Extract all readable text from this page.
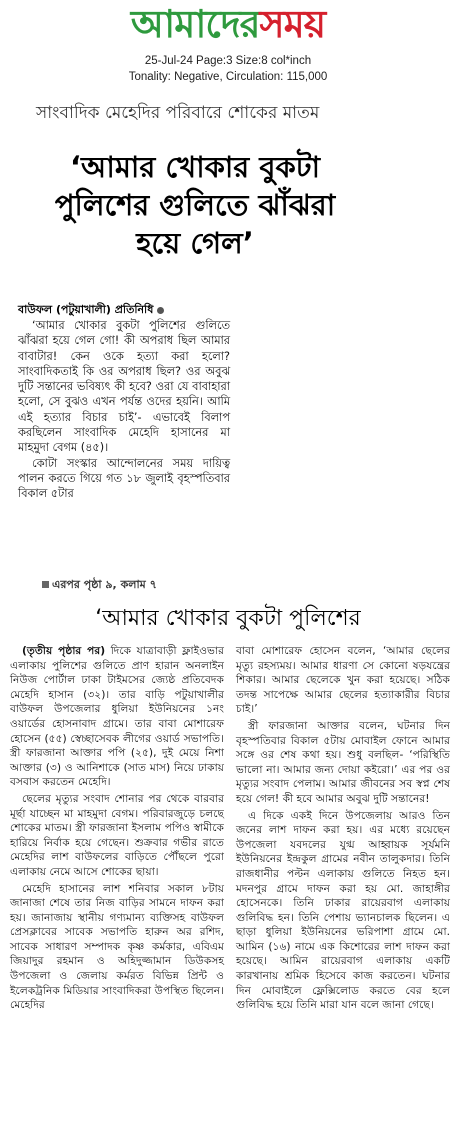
আমাদেরসময়
25-Jul-24 Page:3 Size:8 col*inch
Tonality: Negative, Circulation: 115,000
সাংবাদিক মেহেদির পরিবারে শোকের মাতম
‘আমার খোকার বুকটা পুলিশের গুলিতে ঝাঁঝরা হয়ে গেল’
বাউফল (পটুয়াখালী) প্রতিনিধি

‘আমার খোকার বুকটা পুলিশের গুলিতে ঝাঁঝরা হয়ে গেল গো! কী অপরাধ ছিল আমার বাবাটার! কেন ওকে হত্যা করা হলো? সাংবাদিকতাই কি ওর অপরাধ ছিল? ওর অবুঝ দুটি সন্তানের ভবিষ্যৎ কী হবে? ওরা যে বাবাহারা হলো, সে বুঝও এখন পর্যন্ত ওদের হয়নি। আমি এই হত্যার বিচার চাই’- এভাবেই বিলাপ করছিলেন সাংবাদিক মেহেদি হাসানের মা মাহমুদা বেগম (৪৫)।

কোটা সংস্কার আন্দোলনের সময় দায়িত্ব পালন করতে গিয়ে গত ১৮ জুলাই বৃহস্পতিবার বিকাল ৫টার

এরপর পৃষ্ঠা ৯, কলাম ৭
‘আমার খোকার বুকটা পুলিশের

(তৃতীয় পৃষ্ঠার পর) দিকে যাত্রাবাড়ী ফ্লাইওভার এলাকায় পুলিশের গুলিতে প্রাণ হারান অনলাইন নিউজ পোর্টাল ঢাকা টাইমসের জ্যেষ্ঠ প্রতিবেদক মেহেদি হাসান (৩২)। তার বাড়ি পটুয়াখালীর বাউফল উপজেলার ধুলিয়া ইউনিয়নের ১নং ওয়ার্ডের হোসনাবাদ গ্রামে। তার বাবা মোশারেফ হোসেন (৫৫) স্বেচ্ছাসেবক লীগের ওয়ার্ড সভাপতি। স্ত্রী ফারজানা আক্তার পপি (২৫), দুই মেয়ে নিশা আক্তার (৩) ও আনিশাকে (সাত মাস) নিয়ে ঢাকায় বসবাস করতেন মেহেদি।

ছেলের মৃত্যুর সংবাদ শোনার পর থেকে বারবার মূর্ছা যাচ্ছেন মা মাহমুদা বেগম। পরিবারজুড়ে চলছে শোকের মাতম। স্ত্রী ফারজানা ইসলাম পপিও স্বামীকে হারিয়ে নির্বাক হয়ে গেছেন। শুক্রবার গভীর রাতে মেহেদির লাশ বাউফলের বাড়িতে পৌঁছলে পুরো এলাকায় নেমে আসে শোকের ছায়া।

মেহেদি হাসানের লাশ শনিবার সকাল ৮টায় জানাজা শেষে তার নিজ বাড়ির সামনে দাফন করা হয়। জানাজায় স্থানীয় গণ্যমান্য ব্যক্তিসহ বাউফল প্রেসক্লাবের সাবেক সভাপতি হারুন অর রশিদ, সাবেক সাধারণ সম্পাদক কৃষ্ণ কর্মকার, এবিএম জিয়াদুর রহমান ও অহিদুজ্জামান ডিউকসহ উপজেলা ও জেলায় কর্মরত বিভিন্ন প্রিন্ট ও ইলেকট্রনিক মিডিয়ার সাংবাদিকরা উপস্থিত ছিলেন। মেহেদির

বাবা মোশারেফ হোসেন বলেন, ‘আমার ছেলের মৃত্যু রহস্যময়। আমার ধারণা সে কোনো ষড়যন্ত্রের শিকার। আমার ছেলেকে খুন করা হয়েছে। সঠিক তদন্ত সাপেক্ষে আমার ছেলের হত্যাকারীর বিচার চাই।’

স্ত্রী ফারজানা আক্তার বলেন, ঘটনার দিন বৃহস্পতিবার বিকাল ৫টায় মোবাইল ফোনে আমার সঙ্গে ওর শেষ কথা হয়। শুধু বলছিল- ‘পরিস্থিতি ভালো না। আমার জন্য দোয়া কইরো।’ এর পর ওর মৃত্যুর সংবাদ পেলাম। আমার জীবনের সব স্বপ্ন শেষ হয়ে গেল! কী হবে আমার অবুঝ দুটি সন্তানের!

এ দিকে একই দিনে উপজেলায় আরও তিন জনের লাশ দাফন করা হয়। এর মধ্যে রয়েছেন উপজেলা যবদলের যুগ্ম আহ্বায়ক সূর্যমনি ইউনিয়নের ইন্দ্রকুল গ্রামের নবীন তালুকদার। তিনি রাজধানীর পল্টন এলাকায় গুলিতে নিহত হন। মদনপুর গ্রামে দাফন করা হয় মো. জাহাঙ্গীর হোসেনকে। তিনি ঢাকার রায়েরবাগ এলাকায় গুলিবিদ্ধ হন। তিনি পেশায় ভ্যানচালক ছিলেন। এ ছাড়া ধুলিয়া ইউনিয়নের ভরিপাশা গ্রামে মো. আমিন (১৬) নামে এক কিশোরের লাশ দাফন করা হয়েছে। আমিন রায়েরবাগ এলাকায় একটি কারখানায় শ্রমিক হিসেবে কাজ করতেন। ঘটনার দিন মোবাইলে ফ্লেক্সিলোড করতে বের হলে গুলিবিদ্ধ হয়ে তিনি মারা যান বলে জানা গেছে।
